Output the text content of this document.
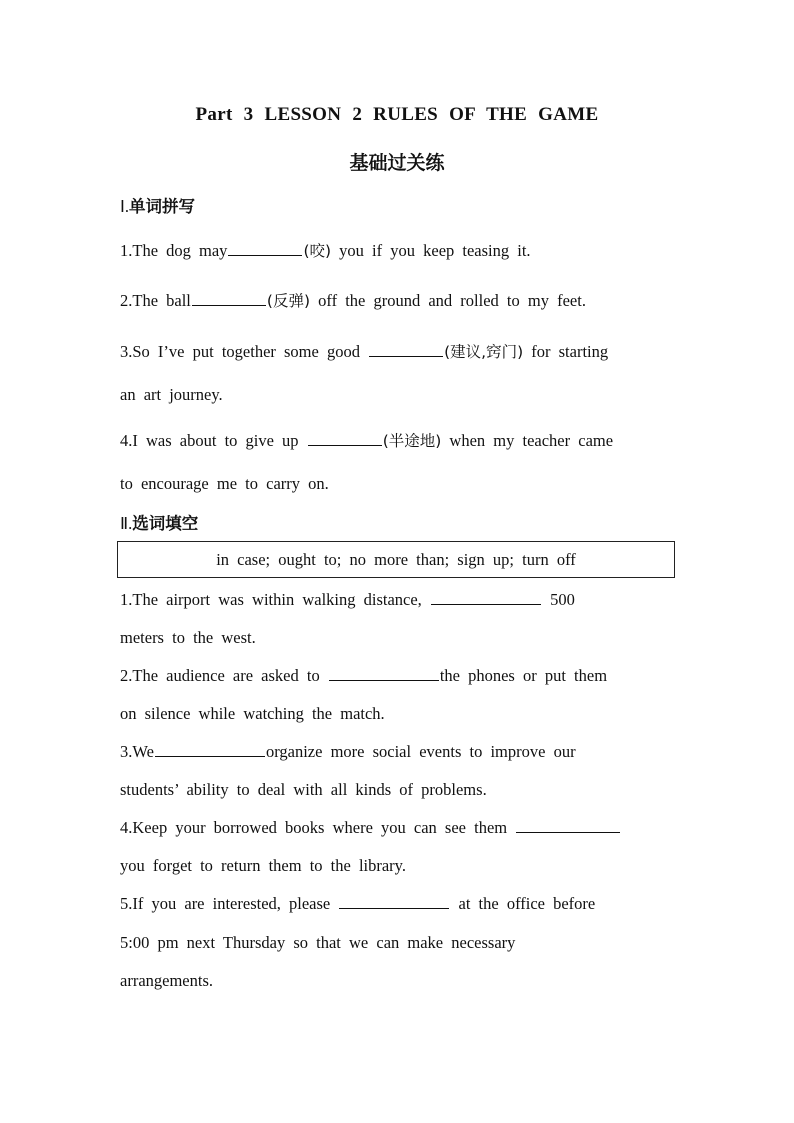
Part 3 LESSON 2 RULES OF THE GAME
基础过关练
Ⅰ.单词拼写
1.The dog may	(咬) you if you keep teasing it.
2.The ball	(反弹) off the ground and rolled to my feet.
3.So I’ve put together some good	(建议,窍门) for starting
an art journey.
4.I was about to give up	(半途地) when my teacher came
to encourage me to carry on.
Ⅱ.选词填空
in case; ought to; no more than; sign up; turn off
1.The airport was within walking distance,	500
meters to the west.
2.The audience are asked to	the phones or put them
on silence while watching the match.
3.We	organize more social events to improve our
students’ ability to deal with all kinds of problems.
4.Keep your borrowed books where you can see them
you forget to return them to the library.
5.If you are interested, please	at the office before
5:00 pm next Thursday so that we can make necessary
arrangements.
